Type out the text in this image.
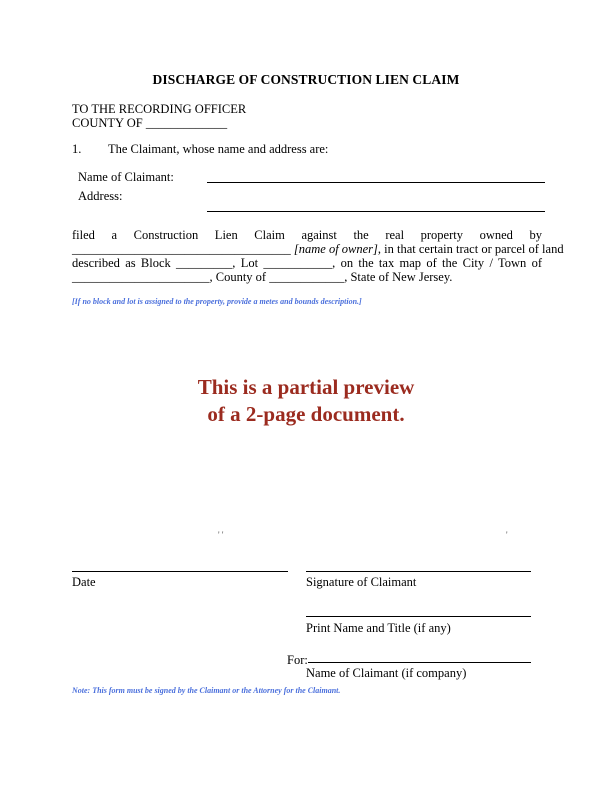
DISCHARGE OF CONSTRUCTION LIEN CLAIM
TO THE RECORDING OFFICER
COUNTY OF _____________
1. The Claimant, whose name and address are:
Name of Claimant:
Address:
filed a Construction Lien Claim against the real property owned by
___________________________________ [name of owner], in that certain tract or parcel of land
described as Block _________, Lot ___________, on the tax map of the City / Town of
______________________, County of ____________, State of New Jersey.
[If no block and lot is assigned to the property, provide a metes and bounds description.]
This is a partial preview
of a 2-page document.
' '	'
Date	Signature of Claimant
Print Name and Title (if any)
For:
Name of Claimant (if company)
Note: This form must be signed by the Claimant or the Attorney for the Claimant.
